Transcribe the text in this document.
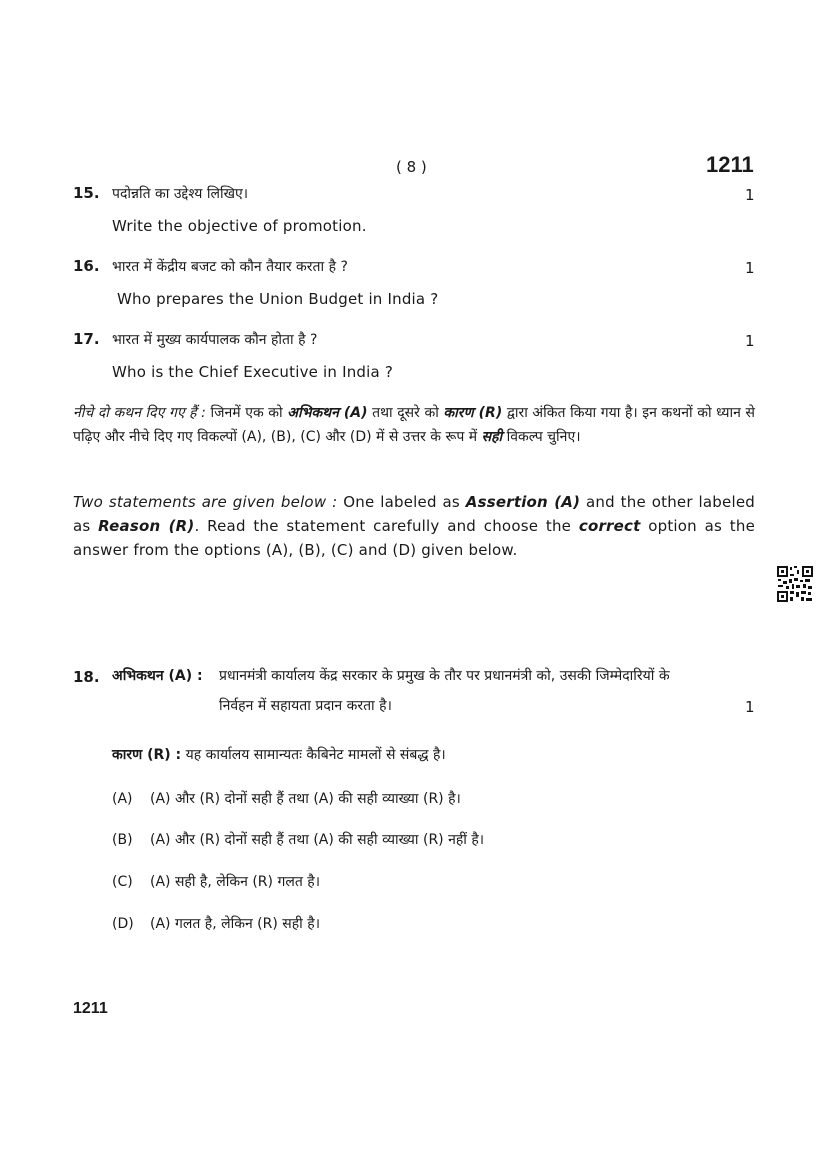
( 8 )	1211
15. पदोन्नति का उद्देश्य लिखिए।	1
Write the objective of promotion.
16. भारत में केंद्रीय बजट को कौन तैयार करता है ?	1
Who prepares the Union Budget in India ?
17. भारत में मुख्य कार्यपालक कौन होता है ?	1
Who is the Chief Executive in India ?
नीचे दो कथन दिए गए हैं : जिनमें एक को अभिकथन (A) तथा दूसरे को कारण (R) द्वारा अंकित किया गया है। इन कथनों को ध्यान से पढ़िए और नीचे दिए गए विकल्पों (A), (B), (C) और (D) में से उत्तर के रूप में सही विकल्प चुनिए।
Two statements are given below : One labeled as Assertion (A) and the other labeled as Reason (R). Read the statement carefully and choose the correct option as the answer from the options (A), (B), (C) and (D) given below.
18. अभिकथन (A) : प्रधानमंत्री कार्यालय केंद्र सरकार के प्रमुख के तौर पर प्रधानमंत्री को, उसकी जिम्मेदारियों के
निर्वहन में सहायता प्रदान करता है।	1
कारण (R) : यह कार्यालय सामान्यतः कैबिनेट मामलों से संबद्ध है।
(A) (A) और (R) दोनों सही हैं तथा (A) की सही व्याख्या (R) है।
(B) (A) और (R) दोनों सही हैं तथा (A) की सही व्याख्या (R) नहीं है।
(C) (A) सही है, लेकिन (R) गलत है।
(D) (A) गलत है, लेकिन (R) सही है।
1211
